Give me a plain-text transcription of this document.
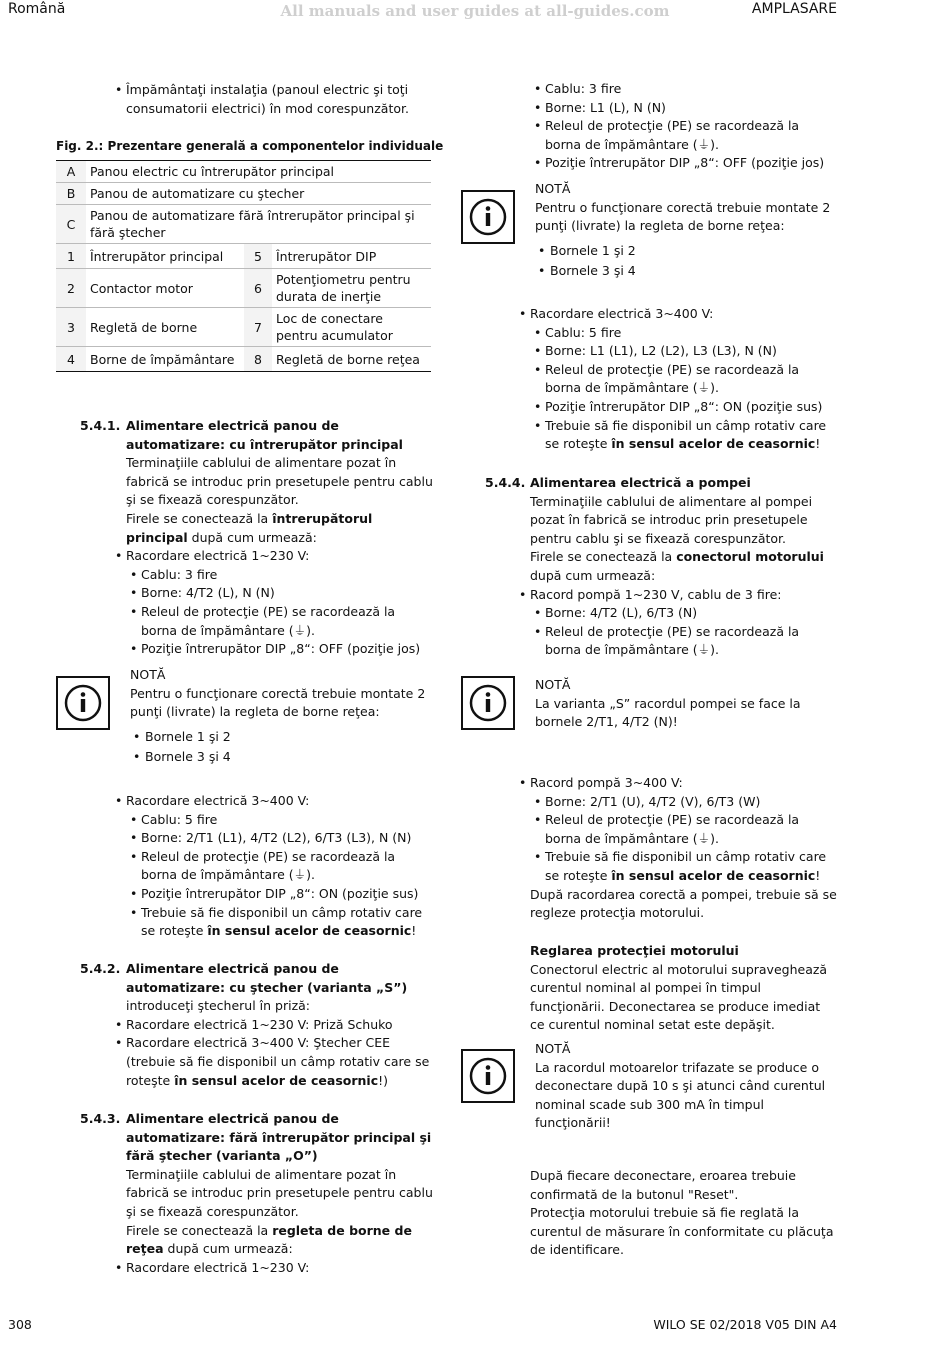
Română	All manuals and user guides at all-guides.com	AMPLASARE
• Împământaţi instalaţia (panoul electric şi toţi consumatorii electrici) în mod corespunzător.
Fig. 2.: Prezentare generală a componentelor individuale
A	Panou electric cu întrerupător principal		
B	Panou de automatizare cu ştecher		
C	Panou de automatizare fără întrerupător principal şi fără ştecher		
1	Întrerupător principal	5	Întrerupător DIP
2	Contactor motor	6	Potenţiometru pentru durata de inerţie
3	Regletă de borne	7	Loc de conectare pentru acumulator
4	Borne de împământare	8	Regletă de borne reţea
5.4.1. Alimentare electrică panou de automatizare: cu întrerupător principal

Terminaţiile cablului de alimentare pozat în fabrică se introduc prin presetupele pentru cablu şi se fixează corespunzător.

Firele se conectează la întrerupătorul principal după cum urmează:

• Racordare electrică 1~230 V:
• Cablu: 3 fire
• Borne: 4/T2 (L), N (N)
• Releul de protecţie (PE) se racordează la borna de împământare (⏚).
• Poziţie întrerupător DIP „8“: OFF (poziţie jos)
NOTĂ
Pentru o funcţionare corectă trebuie montate 2 punţi (livrate) la regleta de borne reţea:
• Bornele 1 şi 2
• Bornele 3 şi 4
• Racordare electrică 3~400 V:
• Cablu: 5 fire
• Borne: 2/T1 (L1), 4/T2 (L2), 6/T3 (L3), N (N)
• Releul de protecţie (PE) se racordează la borna de împământare (⏚).
• Poziţie întrerupător DIP „8“: ON (poziţie sus)
• Trebuie să fie disponibil un câmp rotativ care se roteşte în sensul acelor de ceasornic!
5.4.2. Alimentare electrică panou de automatizare: cu ştecher (varianta „S”)

introduceţi ştecherul în priză:

• Racordare electrică 1~230 V: Priză Schuko
• Racordare electrică 3~400 V: Ştecher CEE (trebuie să fie disponibil un câmp rotativ care se roteşte în sensul acelor de ceasornic!)
5.4.3. Alimentare electrică panou de automatizare: fără întrerupător principal şi fără ştecher (varianta „O”)

Terminaţiile cablului de alimentare pozat în fabrică se introduc prin presetupele pentru cablu şi se fixează corespunzător.

Firele se conectează la regleta de borne de reţea după cum urmează:

• Racordare electrică 1~230 V:
• Cablu: 3 fire
• Borne: L1 (L), N (N)
• Releul de protecţie (PE) se racordează la borna de împământare (⏚).
• Poziţie întrerupător DIP „8“: OFF (poziţie jos)
NOTĂ
Pentru o funcţionare corectă trebuie montate 2 punţi (livrate) la regleta de borne reţea:
• Bornele 1 şi 2
• Bornele 3 şi 4
• Racordare electrică 3~400 V:
• Cablu: 5 fire
• Borne: L1 (L1), L2 (L2), L3 (L3), N (N)
• Releul de protecţie (PE) se racordează la borna de împământare (⏚).
• Poziţie întrerupător DIP „8“: ON (poziţie sus)
• Trebuie să fie disponibil un câmp rotativ care se roteşte în sensul acelor de ceasornic!
5.4.4. Alimentarea electrică a pompei

Terminaţiile cablului de alimentare al pompei pozat în fabrică se introduc prin presetupele pentru cablu şi se fixează corespunzător.

Firele se conectează la conectorul motorului după cum urmează:

• Racord pompă 1~230 V, cablu de 3 fire:
• Borne: 4/T2 (L), 6/T3 (N)
• Releul de protecţie (PE) se racordează la borna de împământare (⏚).
NOTĂ
La varianta „S” racordul pompei se face la bornele 2/T1, 4/T2 (N)!
• Racord pompă 3~400 V:
• Borne: 2/T1 (U), 4/T2 (V), 6/T3 (W)
• Releul de protecţie (PE) se racordează la borna de împământare (⏚).
• Trebuie să fie disponibil un câmp rotativ care se roteşte în sensul acelor de ceasornic!

După racordarea corectă a pompei, trebuie să se regleze protecţia motorului.

Reglarea protecţiei motorului

Conectorul electric al motorului supraveghează curentul nominal al pompei în timpul funcţionării. Deconectarea se produce imediat ce curentul nominal setat este depăşit.

NOTĂ
La racordul motoarelor trifazate se produce o deconectare după 10 s şi atunci când curentul nominal scade sub 300 mA în timpul funcţionării!

După fiecare deconectare, eroarea trebuie confirmată de la butonul "Reset".

Protecţia motorului trebuie să fie reglată la curentul de măsurare în conformitate cu plăcuţa de identificare.

308	WILO SE 02/2018 V05 DIN A4
